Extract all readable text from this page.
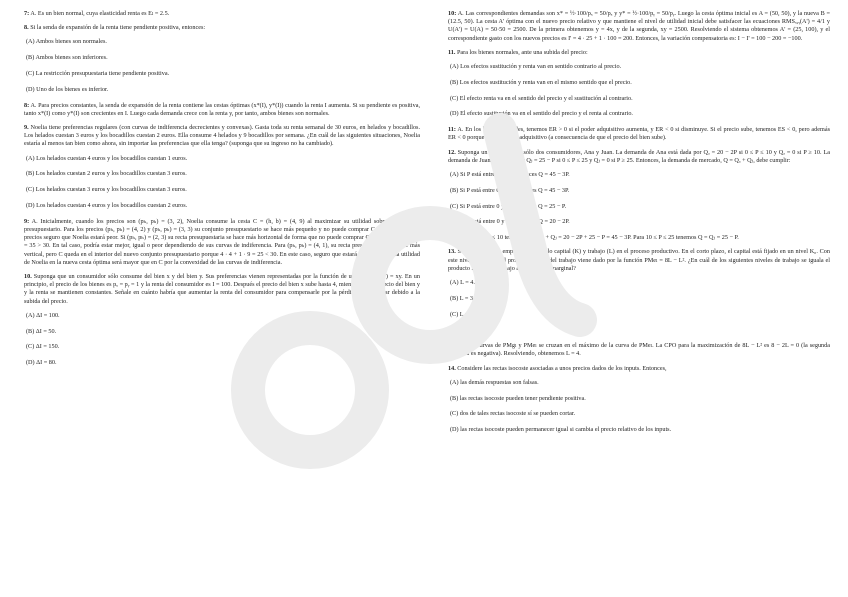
7: A. Es un bien normal, cuya elasticidad renta es Eₗ = 2.5.
8. Si la senda de expansión de la renta tiene pendiente positiva, entonces:
(A) Ambos bienes son normales.
(B) Ambos bienes son inferiores.
(C) La restricción presupuestaria tiene pendiente positiva.
(D) Uno de los bienes es inferior.
8: A. Para precios constantes, la senda de expansión de la renta contiene las cestas óptimas (x*(I), y*(I)) cuando la renta I aumenta. Si su pendiente es positiva, tanto x*(I) como y*(I) son crecientes en I. Luego cada demanda crece con la renta y, por tanto, ambos bienes son normales.
9. Noelia tiene preferencias regulares (con curvas de indiferencia decrecientes y convexas). Gasta toda su renta semanal de 30 euros, en helados y bocadillos. Los helados cuestan 3 euros y los bocadillos cuestan 2 euros. Ella consume 4 helados y 9 bocadillos por semana. ¿En cuál de las siguientes situaciones, Noelia estaría al menos tan bien como ahora, sin importar las preferencias que ella tenga? (suponga que su ingreso no ha cambiado).
(A) Los helados cuestan 4 euros y los bocadillos cuestan 1 euros.
(B) Los helados cuestan 2 euros y los bocadillos cuestan 3 euros.
(C) Los helados cuestan 3 euros y los bocadillos cuestan 3 euros.
(D) Los helados cuestan 4 euros y los bocadillos cuestan 2 euros.
9: A. Inicialmente, cuando los precios son (pₕ, pₕ) = (3, 2), Noelia consume la cesta C = (h, b) = (4, 9) al maximizar su utilidad sobre su conjunto presupuestario. Para los precios (pₕ, pₕ) = (4, 2) y (pₕ, pₕ) = (3, 3) su conjunto presupuestario se hace más pequeño y no puede comprar C. Luego para tales precios seguro que Noelia estará peor. Si (pₕ, pₕ) = (2, 3) su recta presupuestaria se hace más horizontal de forma que no puede comprar C porque 2 · 4 + 3 · 9 = 35 > 30. En tal caso, podría estar mejor, igual o peor dependiendo de sus curvas de indiferencia. Para (pₕ, pₕ) = (4, 1), su recta presupuestaria se hace más vertical, pero C queda en el interior del nuevo conjunto presupuestario porque 4 · 4 + 1 · 9 = 25 < 30. En este caso, seguro que estará mejor, porque la utilidad de Noelia en la nueva cesta óptima será mayor que en C por la convexidad de las curvas de indiferencia.
10. Suponga que un consumidor sólo consume del bien x y del bien y. Sus preferencias vienen representadas por la función de utilidad U(x, y) = xy. En un principio, el precio de los bienes es pₓ = pᵧ = 1 y la renta del consumidor es I = 100. Después el precio del bien x sube hasta 4, mientras que el precio del bien y y la renta se mantienen constantes. Señale en cuánto habría que aumentar la renta del consumidor para compensarle por la pérdida de bienestar debido a la subida del precio.
(A) ΔI = 100.
(B) ΔI = 50.
(C) ΔI = 150.
(D) ΔI = 80.
10: A. Las correspondientes demandas son x* = ½·100/pₓ = 50/pₓ y y* = ½·100/pᵧ = 50/pᵧ. Luego la cesta óptima inicial es A = (50, 50), y la nueva B = (12.5, 50). La cesta A' óptima con el nuevo precio relativo y que mantiene el nivel de utilidad inicial debe satisfacer las ecuaciones RMSₓ,ᵧ(A') = 4/1 y U(A') = U(A) = 50·50 = 2500. De la primera obtenemos y = 4x, y de la segunda, xy = 2500. Resolviendo el sistema obtenemos A' = (25, 100), y el correspondiente gasto con los nuevos precios es I' = 4 · 25 + 1 · 100 = 200. Entonces, la variación compensatoria es: I − I' = 100 − 200 = −100.
11. Para los bienes normales, ante una subida del precio:
(A) Los efectos sustitución y renta van en sentido contrario al precio.
(B) Los efectos sustitución y renta van en el mismo sentido que el precio.
(C) El efecto renta va en el sentido del precio y el sustitución al contrario.
(D) El efecto sustitución va en el sentido del precio y el renta al contrario.
11: A. En los bienes normales, tenemos ER > 0 si el poder adquisitivo aumenta, y ER < 0 si disminuye. Si el precio sube, tenemos ES < 0, pero además ER < 0 porque baja el poder adquisitivo (a consecuencia de que el precio del bien sube).
12. Suponga un mercado con sólo dos consumidores, Ana y Juan. La demanda de Ana está dada por Qₐ = 20 − 2P si 0 ≤ P ≤ 10 y Qₐ = 0 si P ≥ 10. La demanda de Juan está dada por Qⱼ = 25 − P si 0 ≤ P ≤ 25 y Qⱼ = 0 si P ≥ 25. Entonces, la demanda de mercado, Q = Qₐ + Qⱼ, debe cumplir:
(A) Si P está entre 0 y 10, entonces Q = 45 − 3P.
(B) Si P está entre 0 y 15, entonces Q = 45 − 3P.
(C) Si P está entre 0 y 25, entonces Q = 25 − P.
(D) Si P está entre 0 y 10, entonces Q = 20 − 2P.
12: A. Para 0 ≤ P ≤ 10 tenemos Q = Qₐ + Qⱼ = 20 − 2P + 25 − P = 45 − 3P. Para 10 ≤ P ≤ 25 tenemos Q = Qⱼ = 25 − P.
13. Suponga que una empresa utiliza sólo capital (K) y trabajo (L) en el proceso productivo. En el corto plazo, el capital está fijado en un nivel K₀. Con este nivel de capital, el producto medio del trabajo viene dado por la función PMeₗ = 8L − L². ¿En cuál de los siguientes niveles de trabajo se iguala el producto medio del trabajo a su producto marginal?
(A) L = 4.
(B) L = 3.
(C) L = 5.
(D) L = 6.
13: A. Las curvas de PMgₗ y PMeₗ se cruzan en el máximo de la curva de PMeₗ. La CPO para la maximización de 8L − L² es 8 − 2L = 0 (la segunda derivada es negativa). Resolviendo, obtenemos L = 4.
14. Considere las rectas isocoste asociadas a unos precios dados de los inputs. Entonces,
(A) las demás respuestas son falsas.
(B) las rectas isocoste pueden tener pendiente positiva.
(C) dos de tales rectas isocoste sí se pueden cortar.
(D) las rectas isocoste pueden permanecer igual si cambia el precio relativo de los inputs.
